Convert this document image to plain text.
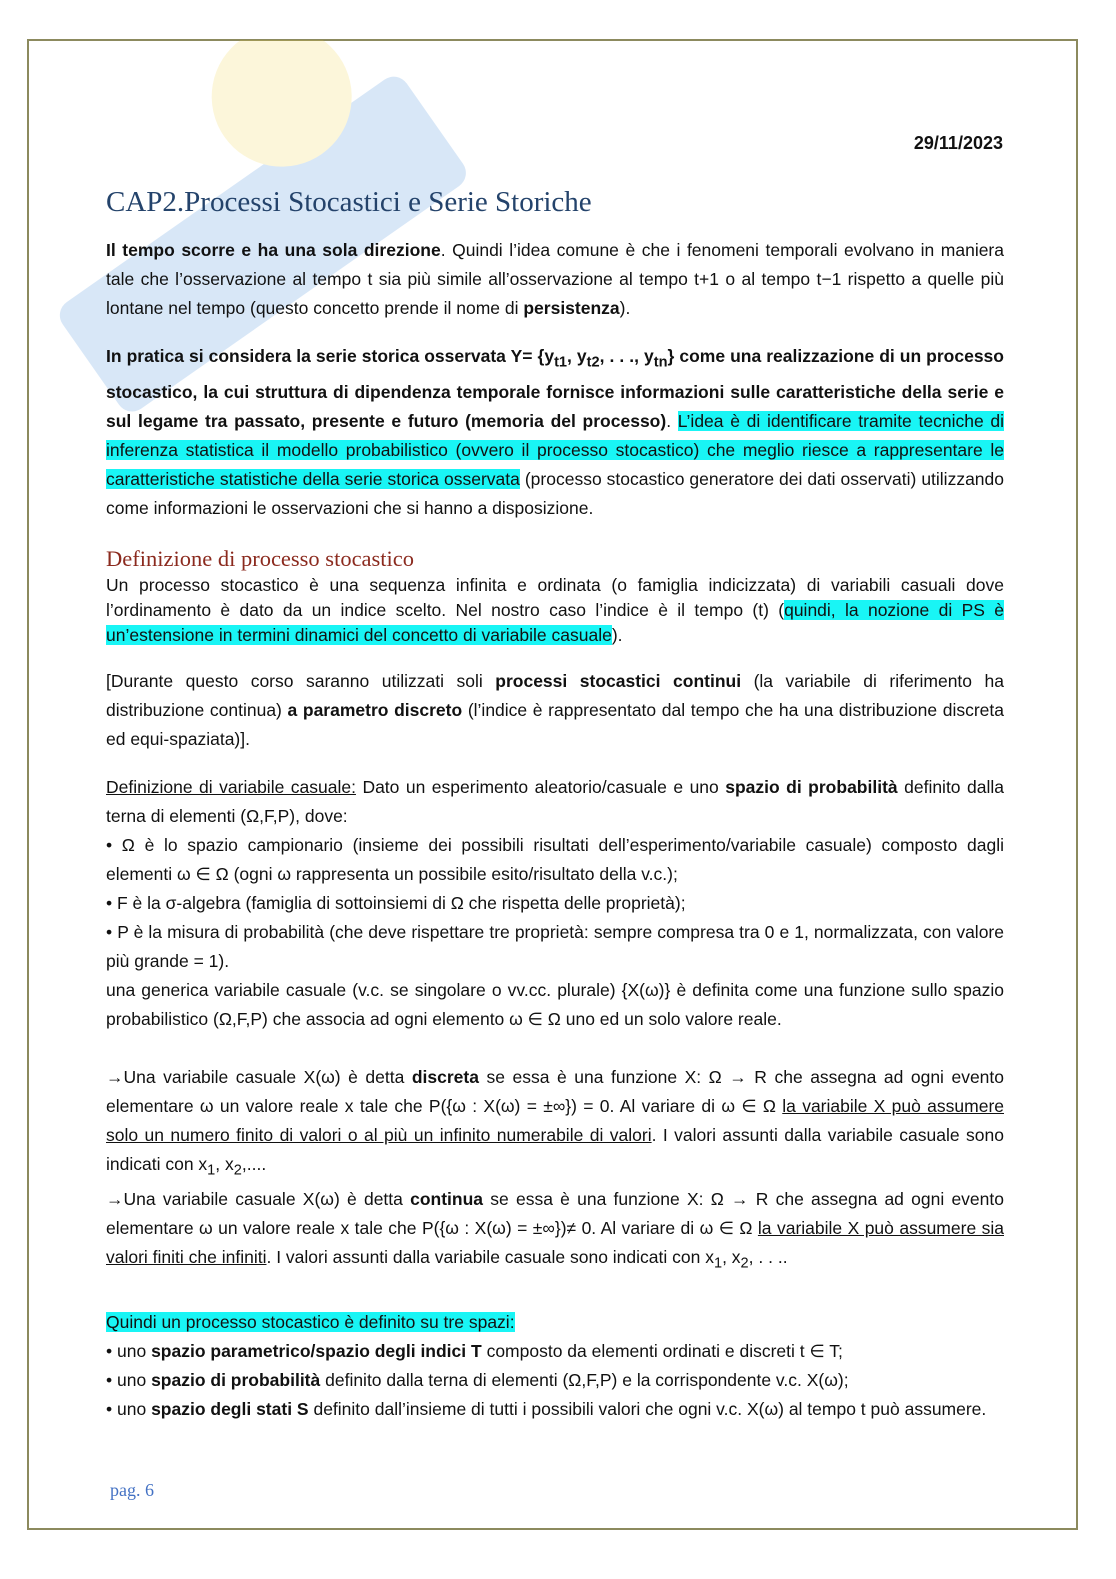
29/11/2023
CAP2.Processi Stocastici e Serie Storiche

Il tempo scorre e ha una sola direzione. Quindi l’idea comune è che i fenomeni temporali evolvano in maniera tale che l’osservazione al tempo t sia più simile all’osservazione al tempo t+1 o al tempo t−1 rispetto a quelle più lontane nel tempo (questo concetto prende il nome di persistenza).

In pratica si considera la serie storica osservata $Y= \{y_{t1}$, $y_{t2}$, . . ., $y_{tn}$} come una realizzazione di un processo stocastico, la cui struttura di dipendenza temporale fornisce informazioni sulle caratteristiche della serie e sul legame tra passato, presente e futuro (memoria del processo). L’idea è di identificare tramite tecniche di inferenza statistica il modello probabilistico (ovvero il processo stocastico) che meglio riesce a rappresentare le caratteristiche statistiche della serie storica osservata (processo stocastico generatore dei dati osservati) utilizzando come informazioni le osservazioni che si hanno a disposizione.

Definizione di processo stocastico

Un processo stocastico è una sequenza infinita e ordinata (o famiglia indicizzata) di variabili casuali dove l’ordinamento è dato da un indice scelto. Nel nostro caso l’indice è il tempo (t) (quindi, la nozione di PS è un’estensione in termini dinamici del concetto di variabile casuale).

[Durante questo corso saranno utilizzati soli processi stocastici continui (la variabile di riferimento ha distribuzione continua) a parametro discreto (l’indice è rappresentato dal tempo che ha una distribuzione discreta ed equi-spaziata)].

Definizione di variabile casuale: Dato un esperimento aleatorio/casuale e uno spazio di probabilità definito dalla terna di elementi (Ω,F,P), dove:
• Ω è lo spazio campionario (insieme dei possibili risultati dell’esperimento/variabile casuale) composto dagli elementi ω ∈ Ω (ogni ω rappresenta un possibile esito/risultato della v.c.);
• F è la σ-algebra (famiglia di sottoinsiemi di Ω che rispetta delle proprietà);
• P è la misura di probabilità (che deve rispettare tre proprietà: sempre compresa tra 0 e 1, normalizzata, con valore più grande = 1).
una generica variabile casuale (v.c. se singolare o vv.cc. plurale) {X(ω)} è definita come una funzione sullo spazio probabilistico (Ω,F,P) che associa ad ogni elemento ω ∈ Ω uno ed un solo valore reale.
→Una variabile casuale X(ω) è detta discreta se essa è una funzione X: Ω → R che assegna ad ogni evento elementare ω un valore reale x tale che P({ω : X(ω) = ±∞}) = 0. Al variare di ω ∈ Ω la variabile X può assumere solo un numero finito di valori o al più un infinito numerabile di valori. I valori assunti dalla variabile casuale sono indicati con $x_1$, $x_2$,....
→Una variabile casuale X(ω) è detta continua se essa è una funzione X: Ω → R che assegna ad ogni evento elementare ω un valore reale x tale che P({ω : X(ω) = ±∞})≠ 0. Al variare di ω ∈ Ω la variabile X può assumere sia valori finiti che infiniti. I valori assunti dalla variabile casuale sono indicati con $x_1$, $x_2$, . . ..
Quindi un processo stocastico è definito su tre spazi:
• uno spazio parametrico/spazio degli indici T composto da elementi ordinati e discreti t ∈ T;
• uno spazio di probabilità definito dalla terna di elementi (Ω,F,P) e la corrispondente v.c. X(ω);
• uno spazio degli stati S definito dall’insieme di tutti i possibili valori che ogni v.c. X(ω) al tempo t può assumere.
pag. 6
